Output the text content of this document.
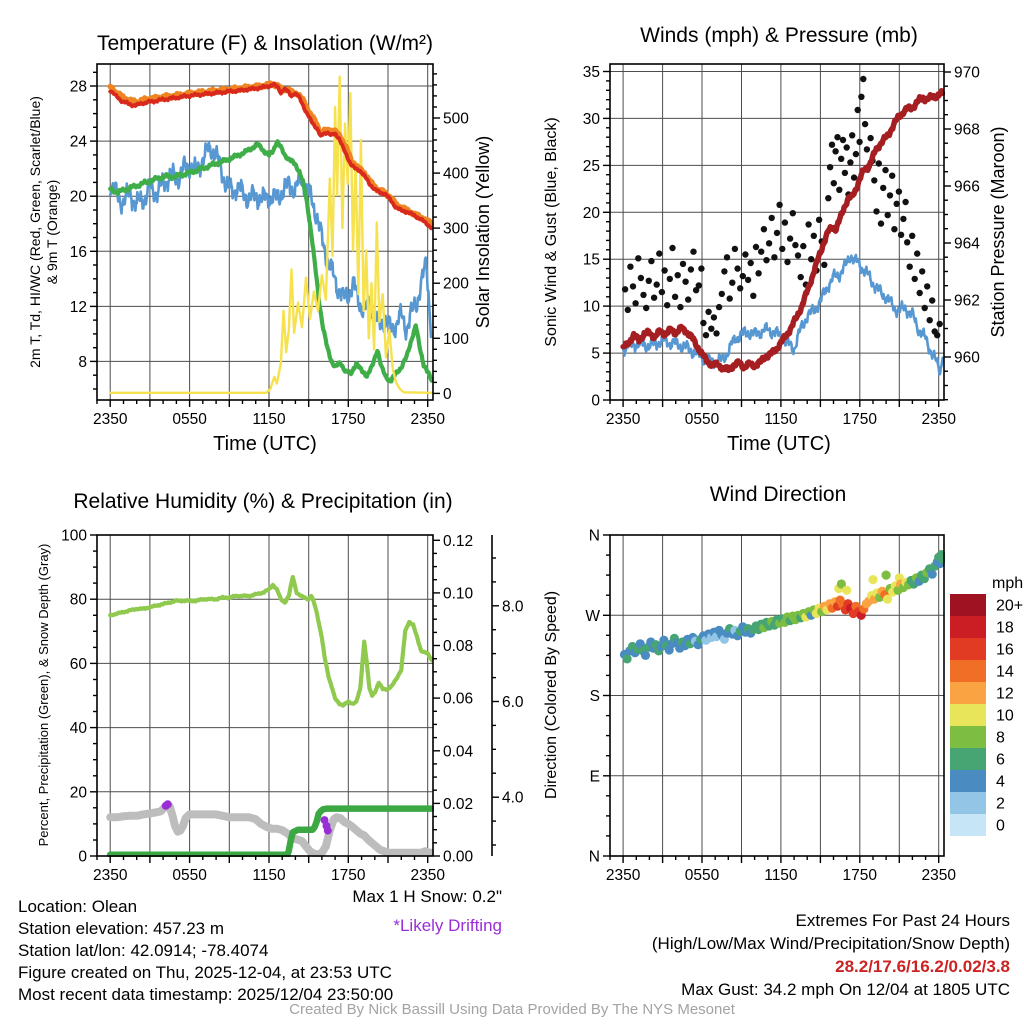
2350	0550	1150	1750	2350
Time (UTC)
8
12
16
20
24
28
2m T, Td, HI/WC (Red, Green, Scarlet/Blue) & 9m T (Orange)
0
100
200
300
400
500
Solar Insolation (Yellow)
Temperature (F) & Insolation (W/m²)
2350	0550	1150	1750	2350
Time (UTC)
0
5
10
15
20
25
30
35
Sonic Wind & Gust (Blue, Black)
960
962
964
966
968
970
Station Pressure (Maroon)
Winds (mph) & Pressure (mb)
2350	0550	1150	1750	2350
0
20
40
60
80
100
Percent, Precipitation (Green), & Snow Depth (Gray)
0.00
0.02
0.04
0.06
0.08
0.10
0.12
4.0
6.0
8.0
Relative Humidity (%) & Precipitation (in)
2350	0550	1150	1750	2350
N
E
S
W
N
Direction (Colored By Speed)
Wind Direction
20+
18
16
14
12
10
8
6
4
2
0
mph
Location: Olean
Station elevation: 457.23 m
Station lat/lon: 42.0914; -78.4074
Figure created on Thu, 2025-12-04, at 23:53 UTC
Most recent data timestamp: 2025/12/04 23:50:00
Max 1 H Snow: 0.2"
*Likely Drifting	Extremes For Past 24 Hours
(High/Low/Max Wind/Precipitation/Snow Depth)
28.2/17.6/16.2/0.02/3.8
Max Gust: 34.2 mph On 12/04 at 1805 UTC
Created By Nick Bassill Using Data Provided By The NYS Mesonet
